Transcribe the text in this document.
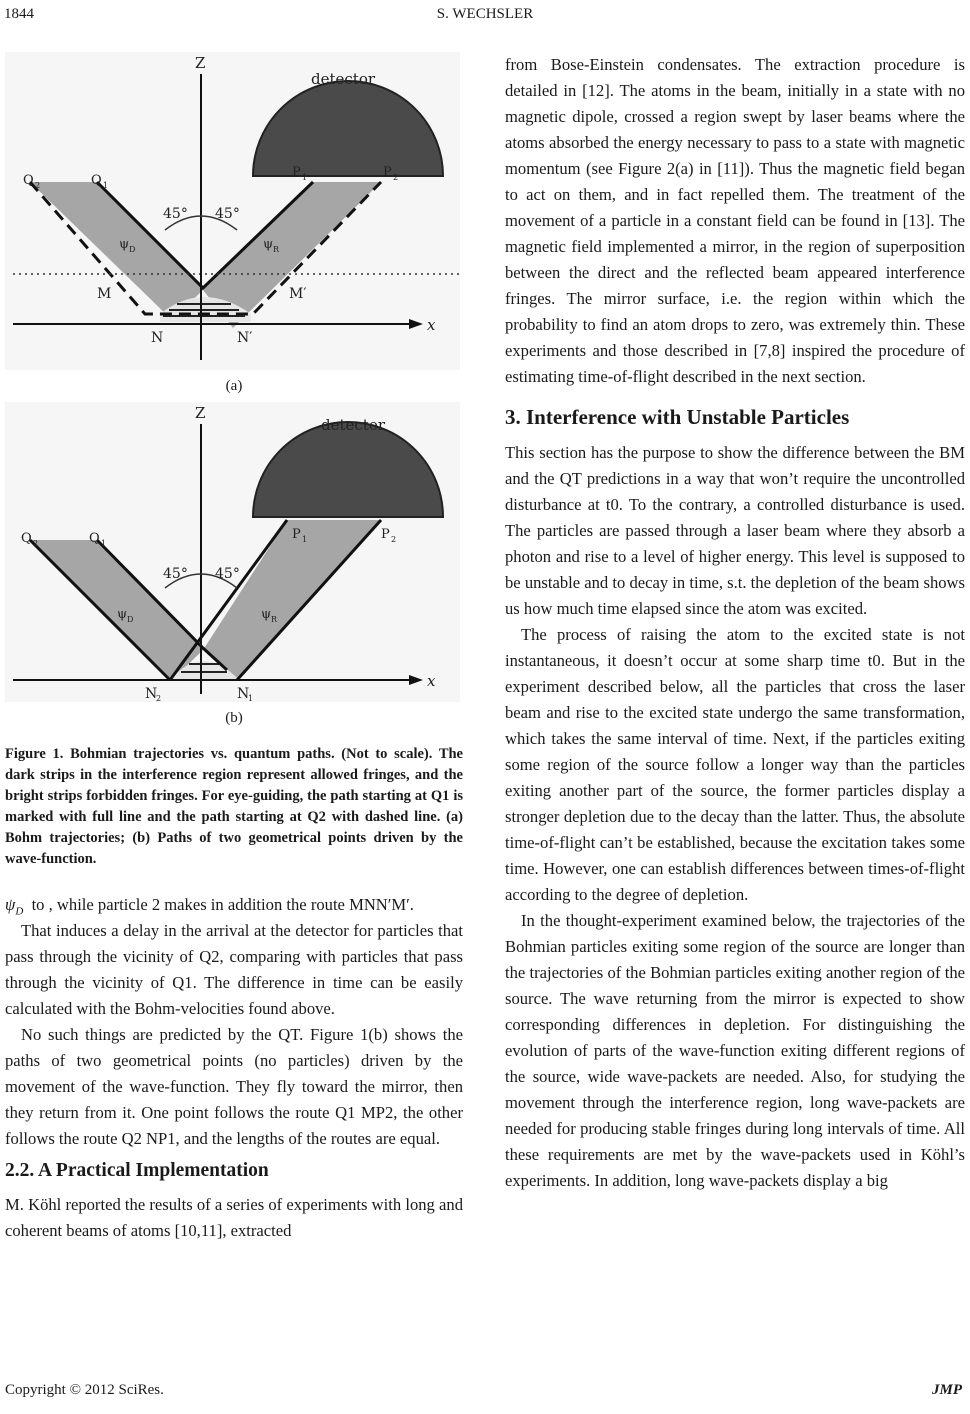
1844	S. WECHSLER
Z
x
detector
Q 2	Q 1
P 1	P 2
45° 45°
ψ D	ψ R
M	M′
N	N′
(a)
Z
x
detector
Q 2	Q 1
P 1	P 2
45° 45°
ψ D	ψ R
N
2	N
1
(b)
Figure 1. Bohmian trajectories vs. quantum paths. (Not to scale). The dark strips in the interference region represent allowed fringes, and the bright strips forbidden fringes. For eye-guiding, the path starting at Q1 is marked with full line and the path starting at Q2 with dashed line. (a) Bohm trajectories; (b) Paths of two geometrical points driven by the wave-function.

$\psi_D$ to , while particle 2 makes in addition the route MNN′M′.

That induces a delay in the arrival at the detector for particles that pass through the vicinity of Q2, comparing with particles that pass through the vicinity of Q1. The difference in time can be easily calculated with the Bohm-velocities found above.

No such things are predicted by the QT. Figure 1(b) shows the paths of two geometrical points (no particles) driven by the movement of the wave-function. They fly toward the mirror, then they return from it. One point follows the route Q1 MP2, the other follows the route Q2 NP1, and the lengths of the routes are equal.

2.2. A Practical Implementation

M. Köhl reported the results of a series of experiments with long and coherent beams of atoms [10,11], extracted

from Bose-Einstein condensates. The extraction procedure is detailed in [12]. The atoms in the beam, initially in a state with no magnetic dipole, crossed a region swept by laser beams where the atoms absorbed the energy necessary to pass to a state with magnetic momentum (see Figure 2(a) in [11]). Thus the magnetic field began to act on them, and in fact repelled them. The treatment of the movement of a particle in a constant field can be found in [13]. The magnetic field implemented a mirror, in the region of superposition between the direct and the reflected beam appeared interference fringes. The mirror surface, i.e. the region within which the probability to find an atom drops to zero, was extremely thin. These experiments and those described in [7,8] inspired the procedure of estimating time-of-flight described in the next section.

3. Interference with Unstable Particles

This section has the purpose to show the difference between the BM and the QT predictions in a way that won’t require the uncontrolled disturbance at t0. To the contrary, a controlled disturbance is used. The particles are passed through a laser beam where they absorb a photon and rise to a level of higher energy. This level is supposed to be unstable and to decay in time, s.t. the depletion of the beam shows us how much time elapsed since the atom was excited.

The process of raising the atom to the excited state is not instantaneous, it doesn’t occur at some sharp time t0. But in the experiment described below, all the particles that cross the laser beam and rise to the excited state undergo the same transformation, which takes the same interval of time. Next, if the particles exiting some region of the source follow a longer way than the particles exiting another part of the source, the former particles display a stronger depletion due to the decay than the latter. Thus, the absolute time-of-flight can’t be established, because the excitation takes some time. However, one can establish differences between times-of-flight according to the degree of depletion.

In the thought-experiment examined below, the trajectories of the Bohmian particles exiting some region of the source are longer than the trajectories of the Bohmian particles exiting another region of the source. The wave returning from the mirror is expected to show corresponding differences in depletion. For distinguishing the evolution of parts of the wave-function exiting different regions of the source, wide wave-packets are needed. Also, for studying the movement through the interference region, long wave-packets are needed for producing stable fringes during long intervals of time. All these requirements are met by the wave-packets used in Köhl’s experiments. In addition, long wave-packets display a big

Copyright © 2012 SciRes.	JMP
